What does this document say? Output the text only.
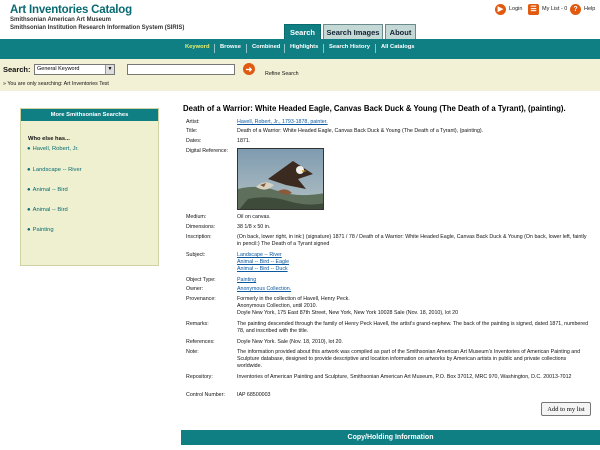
Art Inventories Catalog
Smithsonian American Art Museum
Smithsonian Institution Research Information System (SIRIS)
▶	Login	☰ My List - 0 ?	Help
Search	Search Images	About
Keyword Browse Combined Highlights Search History All Catalogs
Search:	General Keyword	▼	➜
Refine Search
» You are only searching: Art Inventories Test
More Smithsonian Searches
Who else has...
● Havell, Robert, Jr.
● Landscape -- River
● Animal -- Bird
● Animal -- Bird
● Painting
Death of a Warrior: White Headed Eagle, Canvas Back Duck & Young (The Death of a Tyrant), (painting).
Artist:	Havell, Robert, Jr., 1793-1878, painter.
Title:	Death of a Warrior: White Headed Eagle, Canvas Back Duck & Young (The Death of a Tyrant), (painting).
Dates:	1871.
Digital Reference:
Medium:	Oil on canvas.
Dimensions:	38 1/8 x 50 in.
Inscription:	(On back, lower right, in ink:) (signature) 1871 / 78 / Death of a Warrior: White Headed Eagle, Canvas Back Duck & Young (On back, lower left, faintly in pencil:) The Death of a Tyrant signed
Subject:	Landscape -- River
Animal -- Bird -- Eagle
Animal -- Bird -- Duck
Object Type:	Painting
Owner:	Anonymous Collection.
Provenance:	Formerly in the collection of Havell, Henry Peck.
Anonymous Collection, until 2010.
Doyle New York, 175 East 87th Street, New York, New York 10028 Sale (Nov. 18, 2010), lot 20
Remarks:	The painting descended through the family of Henry Peck Havell, the artist's grand-nephew. The back of the painting is signed, dated 1871, numbered 78, and inscribed with the title.
References:	Doyle New York. Sale (Nov. 18, 2010), lot 20.
Note:	The information provided about this artwork was compiled as part of the Smithsonian American Art Museum's Inventories of American Painting and Sculpture database, designed to provide descriptive and location information on artworks by American artists in public and private collections worldwide.
Repository:	Inventories of American Painting and Sculpture, Smithsonian American Art Museum, P.O. Box 37012, MRC 970, Washington, D.C. 20013-7012
Control Number: IAP 68500003
Add to my list
Copy/Holding Information
